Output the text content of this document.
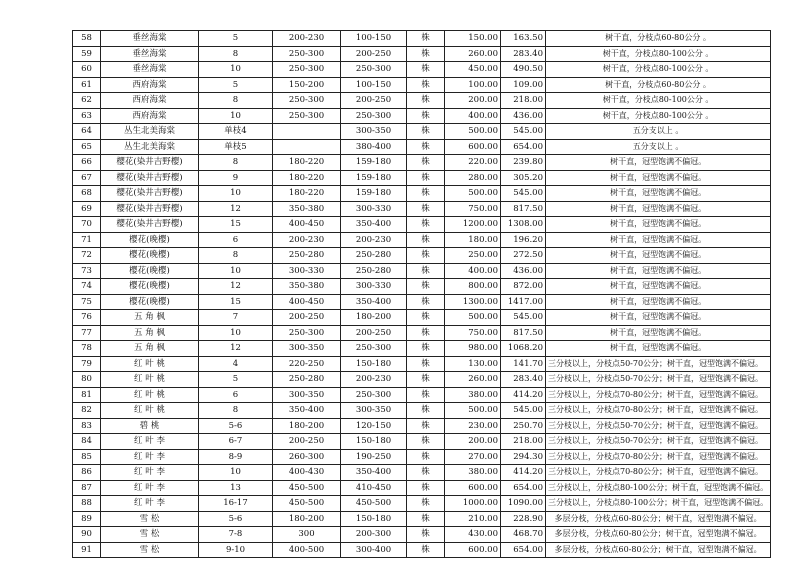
58	垂丝海棠	5	200-230	100-150	株	150.00	163.50	树干直，分枝点60-80公分 。
59	垂丝海棠	8	250-300	200-250	株	260.00	283.40	树干直，分枝点80-100公分 。
60	垂丝海棠	10	250-300	250-300	株	450.00	490.50	树干直，分枝点80-100公分 。
61	西府海棠	5	150-200	100-150	株	100.00	109.00	树干直，分枝点60-80公分 。
62	西府海棠	8	250-300	200-250	株	200.00	218.00	树干直，分枝点80-100公分 。
63	西府海棠	10	250-300	250-300	株	400.00	436.00	树干直，分枝点80-100公分 。
64	丛生北美海棠	单枝4		300-350	株	500.00	545.00	五分支以上 。
65	丛生北美海棠	单枝5		380-400	株	600.00	654.00	五分支以上 。
66	樱花(染井吉野樱)	8	180-220	159-180	株	220.00	239.80	树干直，冠型饱满不偏冠。
67	樱花(染井吉野樱)	9	180-220	159-180	株	280.00	305.20	树干直，冠型饱满不偏冠。
68	樱花(染井吉野樱)	10	180-220	159-180	株	500.00	545.00	树干直，冠型饱满不偏冠。
69	樱花(染井吉野樱)	12	350-380	300-330	株	750.00	817.50	树干直，冠型饱满不偏冠。
70	樱花(染井吉野樱)	15	400-450	350-400	株	1200.00	1308.00	树干直，冠型饱满不偏冠。
71	樱花(晚樱)	6	200-230	200-230	株	180.00	196.20	树干直，冠型饱满不偏冠。
72	樱花(晚樱)	8	250-280	250-280	株	250.00	272.50	树干直，冠型饱满不偏冠。
73	樱花(晚樱)	10	300-330	250-280	株	400.00	436.00	树干直，冠型饱满不偏冠。
74	樱花(晚樱)	12	350-380	300-330	株	800.00	872.00	树干直，冠型饱满不偏冠。
75	樱花(晚樱)	15	400-450	350-400	株	1300.00	1417.00	树干直，冠型饱满不偏冠。
76	五 角 枫	7	200-250	180-200	株	500.00	545.00	树干直，冠型饱满不偏冠。
77	五 角 枫	10	250-300	200-250	株	750.00	817.50	树干直，冠型饱满不偏冠。
78	五 角 枫	12	300-350	250-300	株	980.00	1068.20	树干直，冠型饱满不偏冠。
79	红 叶 桃	4	220-250	150-180	株	130.00	141.70	三分枝以上，分枝点50-70公分；树干直，冠型饱满不偏冠。
80	红 叶 桃	5	250-280	200-230	株	260.00	283.40	三分枝以上，分枝点50-70公分；树干直，冠型饱满不偏冠。
81	红 叶 桃	6	300-350	250-300	株	380.00	414.20	三分枝以上，分枝点70-80公分；树干直，冠型饱满不偏冠。
82	红 叶 桃	8	350-400	300-350	株	500.00	545.00	三分枝以上，分枝点70-80公分；树干直，冠型饱满不偏冠。
83	碧 桃	5-6	180-200	120-150	株	230.00	250.70	三分枝以上，分枝点50-70公分；树干直，冠型饱满不偏冠。
84	红 叶 李	6-7	200-250	150-180	株	200.00	218.00	三分枝以上，分枝点50-70公分；树干直，冠型饱满不偏冠。
85	红 叶 李	8-9	260-300	190-250	株	270.00	294.30	三分枝以上，分枝点70-80公分；树干直，冠型饱满不偏冠。
86	红 叶 李	10	400-430	350-400	株	380.00	414.20	三分枝以上，分枝点70-80公分；树干直，冠型饱满不偏冠。
87	红 叶 李	13	450-500	410-450	株	600.00	654.00	三分枝以上，分枝点80-100公分；树干直，冠型饱满不偏冠。
88	红 叶 李	16-17	450-500	450-500	株	1000.00	1090.00	三分枝以上，分枝点80-100公分；树干直，冠型饱满不偏冠。
89	雪 松	5-6	180-200	150-180	株	210.00	228.90	多层分枝，分枝点60-80公分；树干直，冠型饱满不偏冠。
90	雪 松	7-8	300	200-300	株	430.00	468.70	多层分枝，分枝点60-80公分；树干直，冠型饱满不偏冠。
91	雪 松	9-10	400-500	300-400	株	600.00	654.00	多层分枝，分枝点60-80公分；树干直，冠型饱满不偏冠。
